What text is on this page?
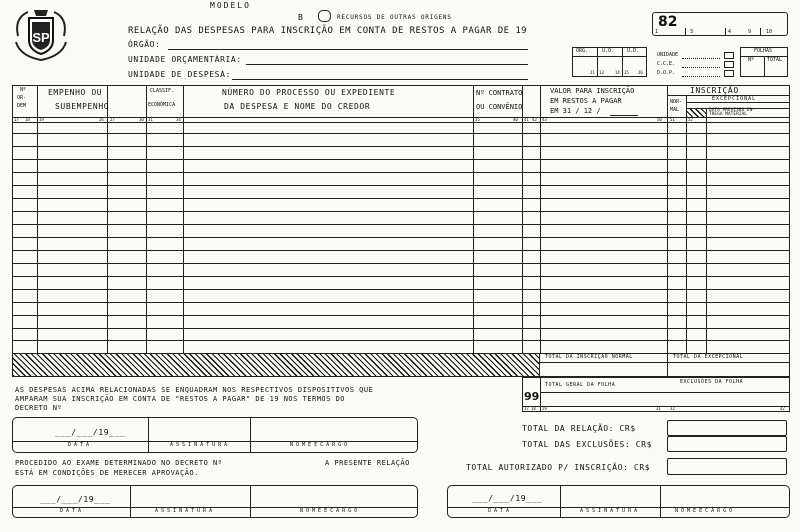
SP
MODELO
B	RECURSOS DE OUTRAS ORIGENS
RELAÇÃO DAS DESPESAS PARA INSCRIÇÃO EM CONTA DE RESTOS A PAGAR DE 19
ÓRGÃO:
UNIDADE ORÇAMENTÁRIA:
UNIDADE DE DESPESA:
82
1	3	4	9	10
ÓRG.	U.O.	U.D.
11 13	14 15 16
UNIDADE
C.C.E.
D.O.P.
FOLHAS
Nº	TOTAL
Nº
OR-
DEM
EMPENHO OU
SUBEMPENHO
CLASSIF.
ECONÔMICA
NÚMERO DO PROCESSO OU EXPEDIENTE
DA DESPESA E NOME DO CREDOR
Nº CONTRATO
OU CONVÊNIO
VALOR PARA INSCRIÇÃO
EM RESTOS A PAGAR
EM 31 / 12 /
INSCRIÇÃO
NOR-
MAL
EXCEPCIONAL
DATA PREVISÃO EN-
TREGA MATERIAL
17 18 19	26 27	30 31	34	35	40 41 42 43	50 51	52
TOTAL DA INSCRIÇÃO NORMAL	TOTAL DA EXCEPCIONAL
TOTAL GERAL DA FOLHA	EXCLUSÕES DA FOLHA
99
17 18 19	31 32	42
AS DESPESAS ACIMA RELACIONADAS SE ENQUADRAM NOS RESPECTIVOS DISPOSITIVOS QUE
AMPARAM SUA INSCRIÇÃO EM CONTA DE "RESTOS A PAGAR" DE 19 NOS TERMOS DO
DECRETO Nº
___/___/19___
D A T A	A S S I N A T U R A	N O M E E C A R G O
TOTAL DA RELAÇÃO: CR$
TOTAL DAS EXCLUSÕES: CR$
TOTAL AUTORIZADO P/ INSCRIÇÃO: CR$
PROCEDIDO AO EXAME DETERMINADO NO DECRETO Nº	A PRESENTE RELAÇÃO
ESTÁ EM CONDIÇÕES DE MERECER APROVAÇÃO.
___/___/19___
D A T A	A S S I N A T U R A	N O M E E C A R G O
___/___/19___
D A T A	A S S I N A T U R A	N O M E E C A R G O
